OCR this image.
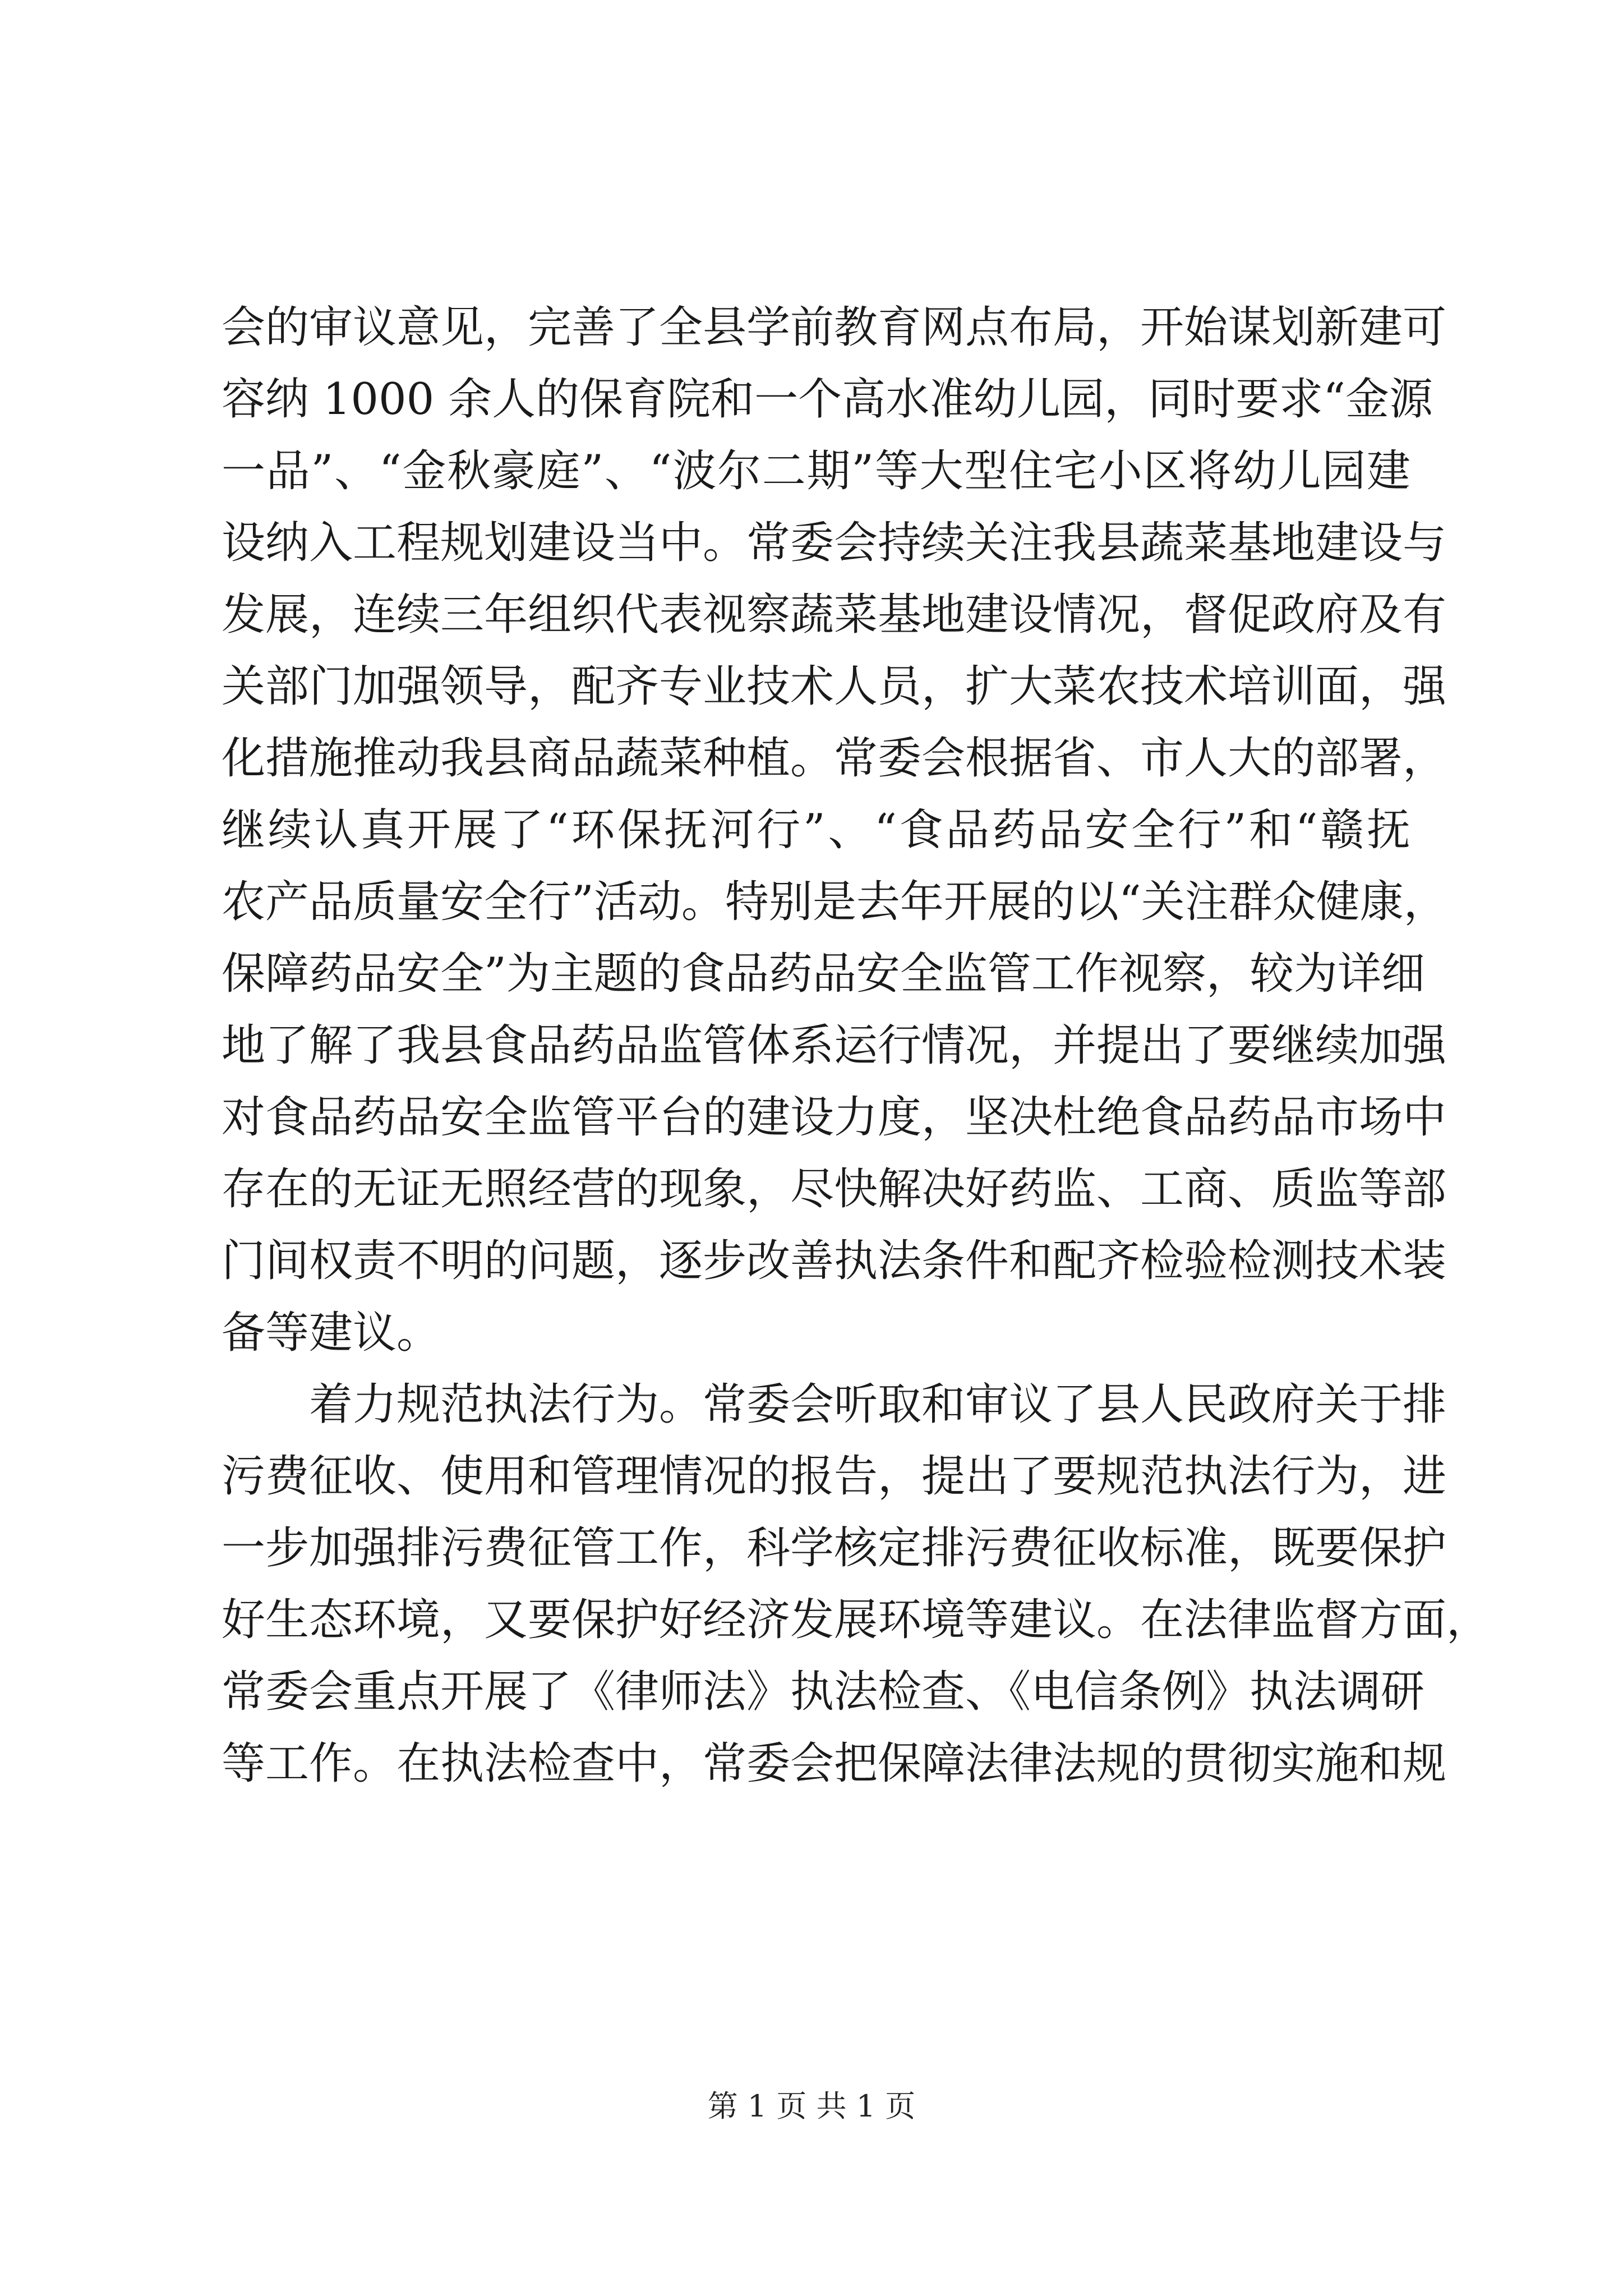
会的审议意见，完善了全县学前教育网点布局，开始谋划新建可
容纳 1000 余人的保育院和一个高水准幼儿园，同时要求“金源
一品”、“金秋豪庭”、“波尔二期”等大型住宅小区将幼儿园建
设纳入工程规划建设当中。常委会持续关注我县蔬菜基地建设与
发展，连续三年组织代表视察蔬菜基地建设情况，督促政府及有
关部门加强领导，配齐专业技术人员，扩大菜农技术培训面，强
化措施推动我县商品蔬菜种植。常委会根据省、市人大的部署，
继续认真开展了“环保抚河行”、“食品药品安全行”和“赣抚
农产品质量安全行”活动。特别是去年开展的以“关注群众健康，
保障药品安全”为主题的食品药品安全监管工作视察，较为详细
地了解了我县食品药品监管体系运行情况，并提出了要继续加强
对食品药品安全监管平台的建设力度，坚决杜绝食品药品市场中
存在的无证无照经营的现象，尽快解决好药监、工商、质监等部
门间权责不明的问题，逐步改善执法条件和配齐检验检测技术装
备等建议。
着力规范执法行为。常委会听取和审议了县人民政府关于排
污费征收、使用和管理情况的报告，提出了要规范执法行为，进
一步加强排污费征管工作，科学核定排污费征收标准，既要保护
好生态环境，又要保护好经济发展环境等建议。在法律监督方面，
常委会重点开展了《律师法》执法检查、《电信条例》执法调研
等工作。在执法检查中，常委会把保障法律法规的贯彻实施和规
第 1 页 共 1 页
